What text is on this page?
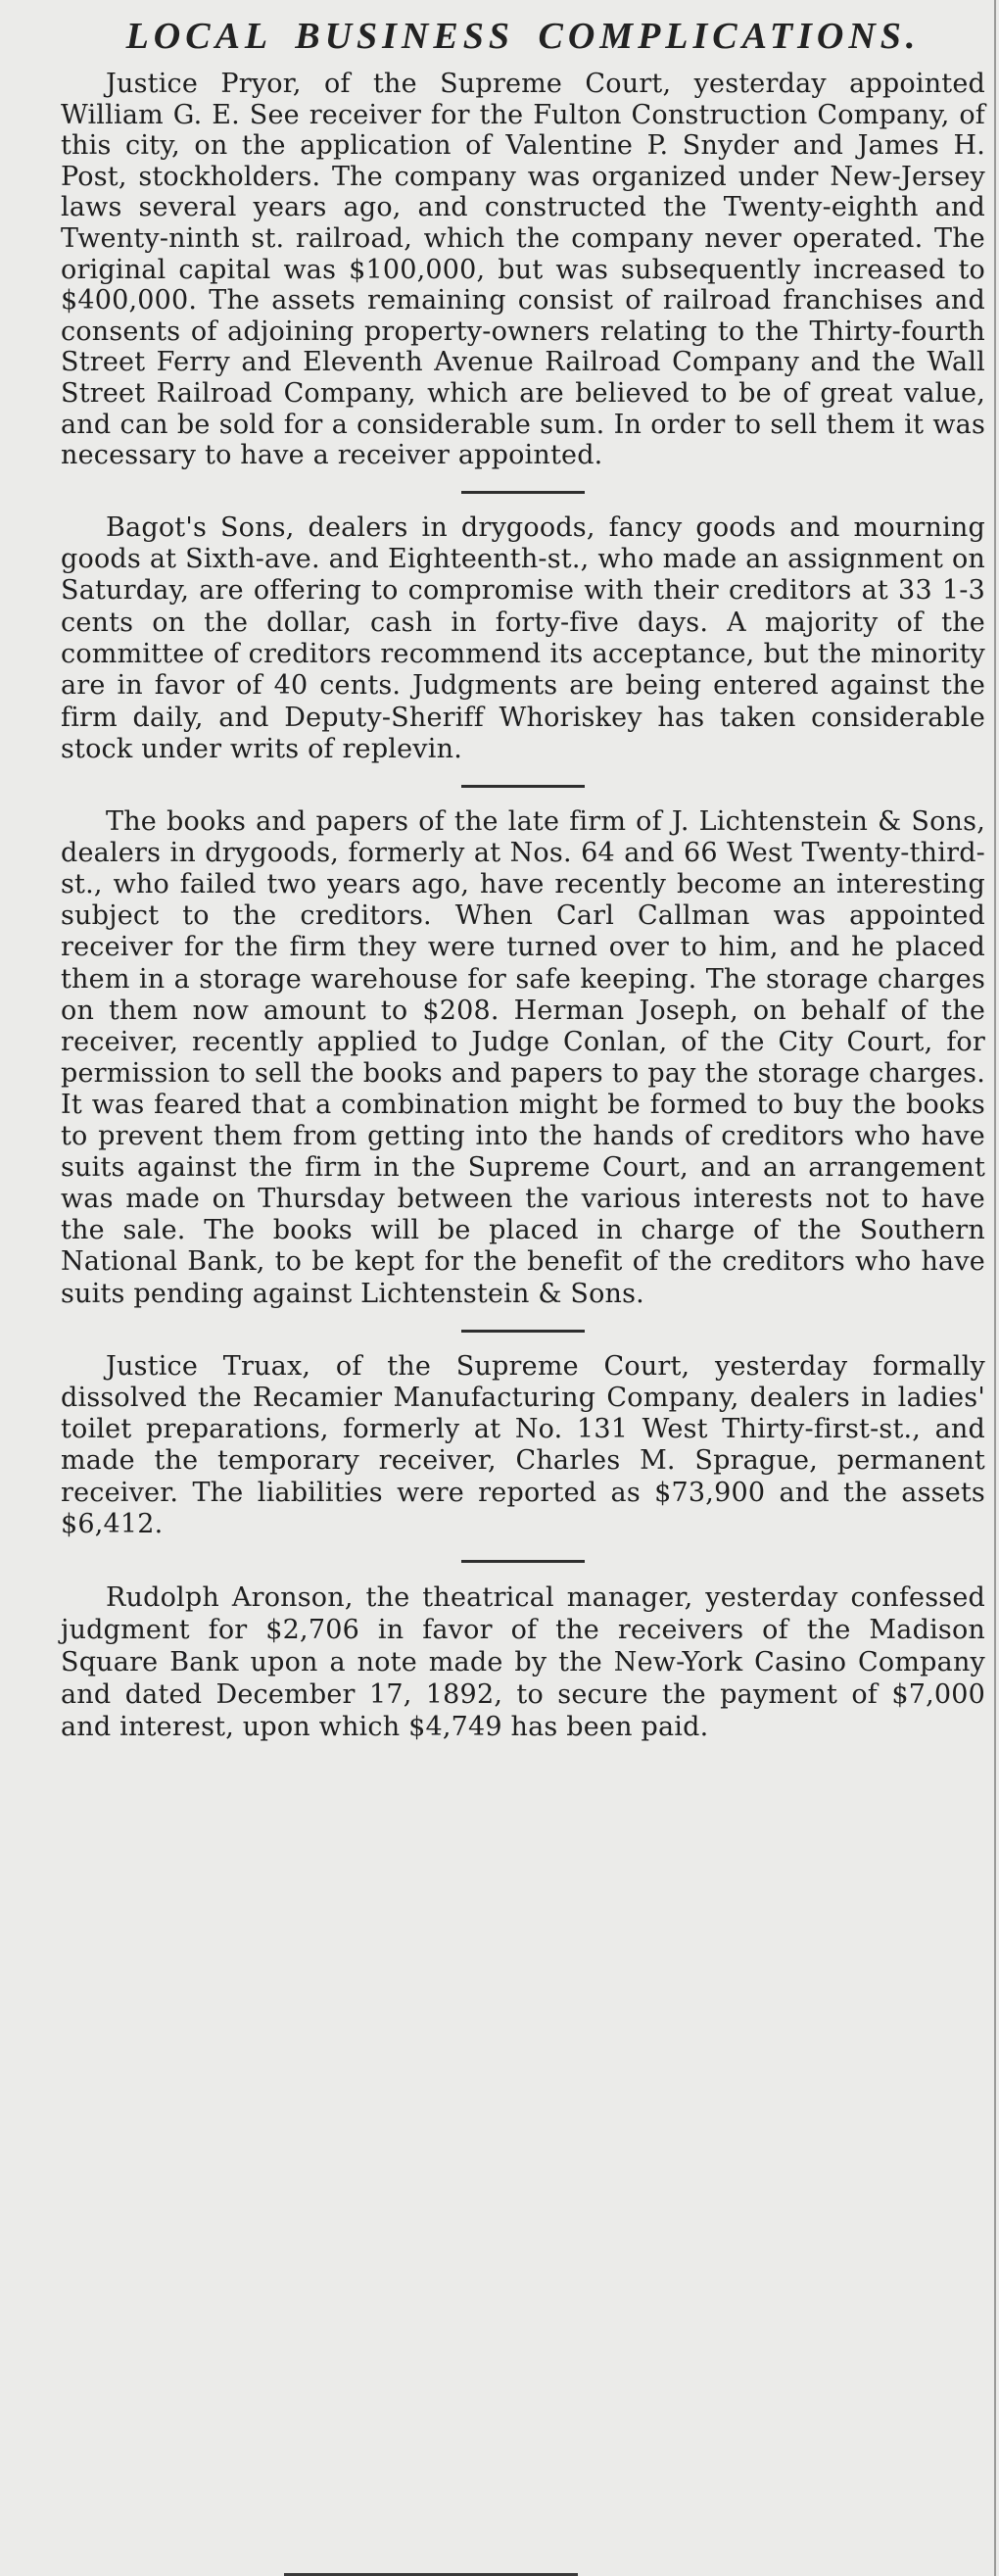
LOCAL BUSINESS COMPLICATIONS.

Justice Pryor, of the Supreme Court, yesterday appointed William G. E. See receiver for the Fulton Construction Company, of this city, on the application of Valentine P. Snyder and James H. Post, stockholders. The company was organized under New-Jersey laws several years ago, and constructed the Twenty-eighth and Twenty-ninth st. railroad, which the company never operated. The original capital was $100,000, but was subsequently increased to $400,000. The assets remaining consist of railroad franchises and consents of adjoining property-owners relating to the Thirty-fourth Street Ferry and Eleventh Avenue Railroad Company and the Wall Street Railroad Company, which are believed to be of great value, and can be sold for a considerable sum. In order to sell them it was necessary to have a receiver appointed.

Bagot's Sons, dealers in drygoods, fancy goods and mourning goods at Sixth-ave. and Eighteenth-st., who made an assignment on Saturday, are offering to compromise with their creditors at 33 1-3 cents on the dollar, cash in forty-five days. A majority of the committee of creditors recommend its acceptance, but the minority are in favor of 40 cents. Judgments are being entered against the firm daily, and Deputy-Sheriff Whoriskey has taken considerable stock under writs of replevin.

The books and papers of the late firm of J. Lichtenstein & Sons, dealers in drygoods, formerly at Nos. 64 and 66 West Twenty-third-st., who failed two years ago, have recently become an interesting subject to the creditors. When Carl Callman was appointed receiver for the firm they were turned over to him, and he placed them in a storage warehouse for safe keeping. The storage charges on them now amount to $208. Herman Joseph, on behalf of the receiver, recently applied to Judge Conlan, of the City Court, for permission to sell the books and papers to pay the storage charges. It was feared that a combination might be formed to buy the books to prevent them from getting into the hands of creditors who have suits against the firm in the Supreme Court, and an arrangement was made on Thursday between the various interests not to have the sale. The books will be placed in charge of the Southern National Bank, to be kept for the benefit of the creditors who have suits pending against Lichtenstein & Sons.

Justice Truax, of the Supreme Court, yesterday formally dissolved the Recamier Manufacturing Company, dealers in ladies' toilet preparations, formerly at No. 131 West Thirty-first-st., and made the temporary receiver, Charles M. Sprague, permanent receiver. The liabilities were reported as $73,900 and the assets $6,412.

Rudolph Aronson, the theatrical manager, yesterday confessed judgment for $2,706 in favor of the receivers of the Madison Square Bank upon a note made by the New-York Casino Company and dated December 17, 1892, to secure the payment of $7,000 and interest, upon which $4,749 has been paid.
